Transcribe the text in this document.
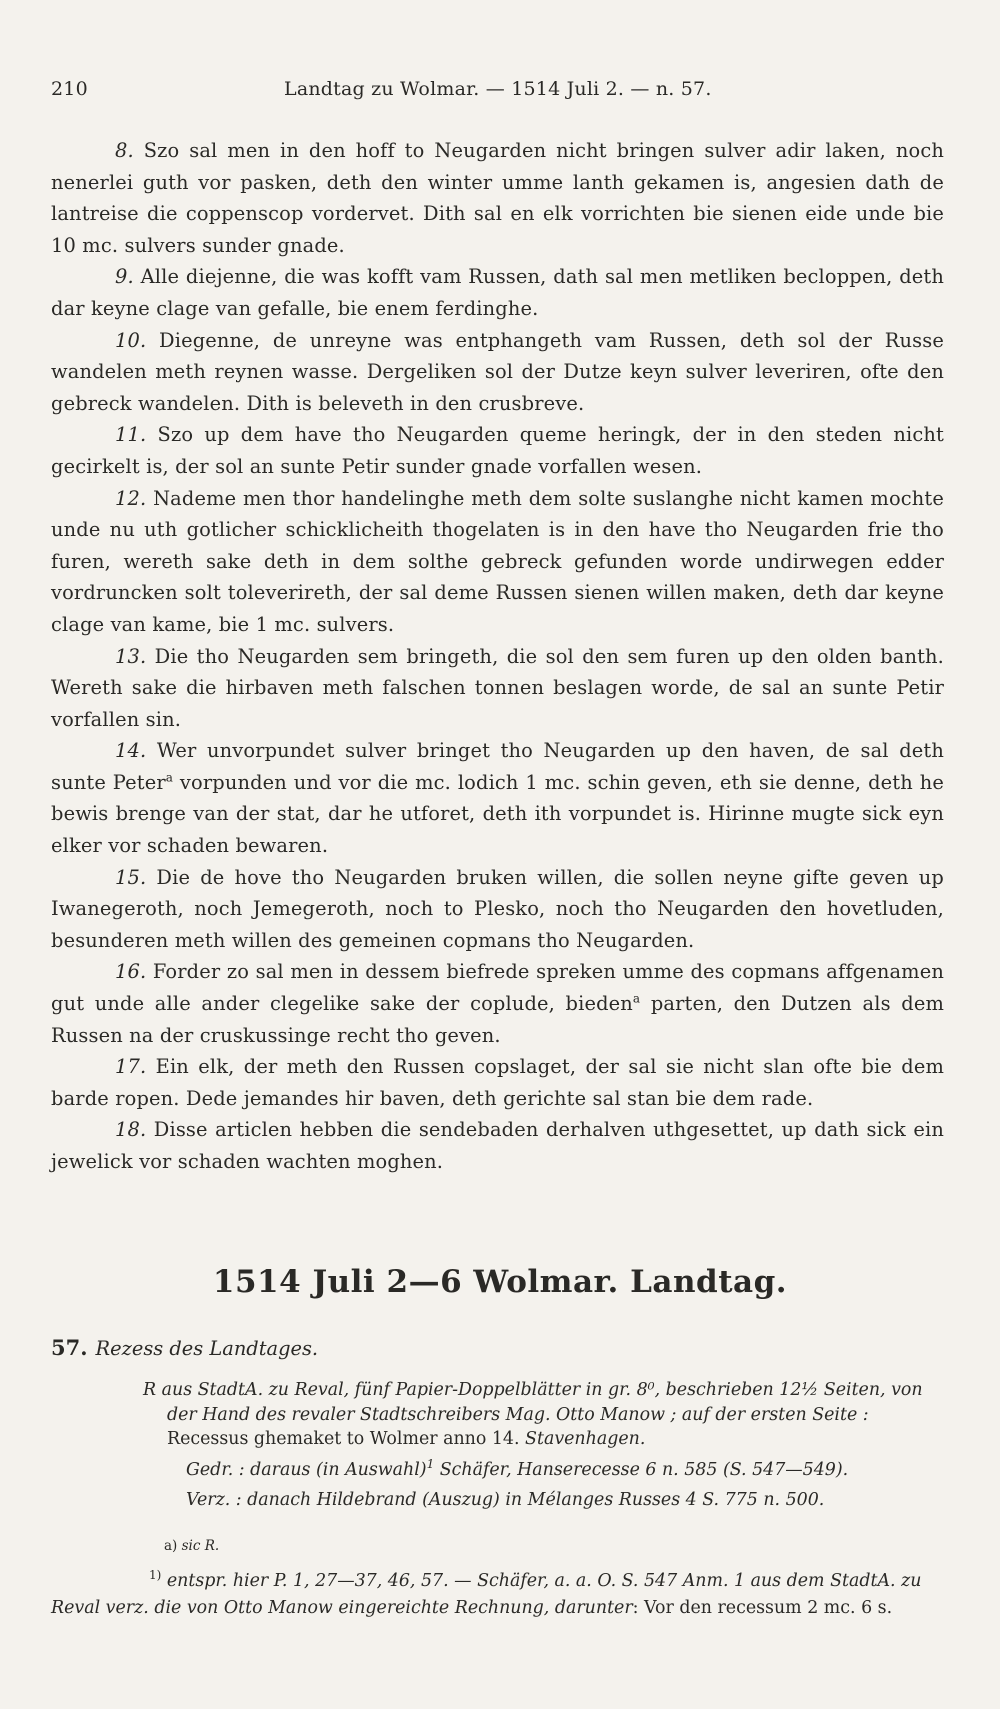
210	Landtag zu Wolmar. — 1514 Juli 2. — n. 57.

8. Szo sal men in den hoff to Neugarden nicht bringen sulver adir laken, noch nenerlei guth vor pasken, deth den winter umme lanth gekamen is, angesien dath de lantreise die coppenscop vordervet. Dith sal en elk vorrichten bie sienen eide unde bie 10 mc. sulvers sunder gnade.

9. Alle diejenne, die was kofft vam Russen, dath sal men metliken becloppen, deth dar keyne clage van gefalle, bie enem ferdinghe.

10. Diegenne, de unreyne was entphangeth vam Russen, deth sol der Russe wandelen meth reynen wasse. Dergeliken sol der Dutze keyn sulver leveriren, ofte den gebreck wandelen. Dith is beleveth in den crusbreve.

11. Szo up dem have tho Neugarden queme heringk, der in den steden nicht gecirkelt is, der sol an sunte Petir sunder gnade vorfallen wesen.

12. Nademe men thor handelinghe meth dem solte suslanghe nicht kamen mochte unde nu uth gotlicher schicklicheith thogelaten is in den have tho Neugarden frie tho furen, wereth sake deth in dem solthe gebreck gefunden worde undirwegen edder vordruncken solt toleverireth, der sal deme Russen sienen willen maken, deth dar keyne clage van kame, bie 1 mc. sulvers.

13. Die tho Neugarden sem bringeth, die sol den sem furen up den olden banth. Wereth sake die hirbaven meth falschen tonnen beslagen worde, de sal an sunte Petir vorfallen sin.

14. Wer unvorpundet sulver bringet tho Neugarden up den haven, de sal deth sunte Peter$^a$ vorpunden und vor die mc. lodich 1 mc. schin geven, eth sie denne, deth he bewis brenge van der stat, dar he utforet, deth ith vorpundet is. Hirinne mugte sick eyn elker vor schaden bewaren.

15. Die de hove tho Neugarden bruken willen, die sollen neyne gifte geven up Iwanegeroth, noch Jemegeroth, noch to Plesko, noch tho Neugarden den hovetluden, besunderen meth willen des gemeinen copmans tho Neugarden.

16. Forder zo sal men in dessem biefrede spreken umme des copmans affgenamen gut unde alle ander clegelike sake der coplude, bieden$^a$ parten, den Dutzen als dem Russen na der cruskussinge recht tho geven.

17. Ein elk, der meth den Russen copslaget, der sal sie nicht slan ofte bie dem barde ropen. Dede jemandes hir baven, deth gerichte sal stan bie dem rade.

18. Disse articlen hebben die sendebaden derhalven uthgesettet, up dath sick ein jewelick vor schaden wachten moghen.

1514 Juli 2—6 Wolmar. Landtag.
57. Rezess des Landtages.

R aus StadtA. zu Reval, fünf Papier-Doppelblätter in gr. 8⁰, beschrieben 12½ Seiten, von der Hand des revaler Stadtschreibers Mag. Otto Manow ; auf der ersten Seite : Recessus ghemaket to Wolmer anno 14. Stavenhagen.

Gedr. : daraus (in Auswahl)$^1$ Schäfer, Hanserecesse 6 n. 585 (S. 547—549).

Verz. : danach Hildebrand (Auszug) in Mélanges Russes 4 S. 775 n. 500.

a) sic R.

$^{1)}$ entspr. hier P. 1, 27—37, 46, 57. — Schäfer, a. a. O. S. 547 Anm. 1 aus dem StadtA. zu Reval verz. die von Otto Manow eingereichte Rechnung, darunter: Vor den recessum 2 mc. 6 s.
